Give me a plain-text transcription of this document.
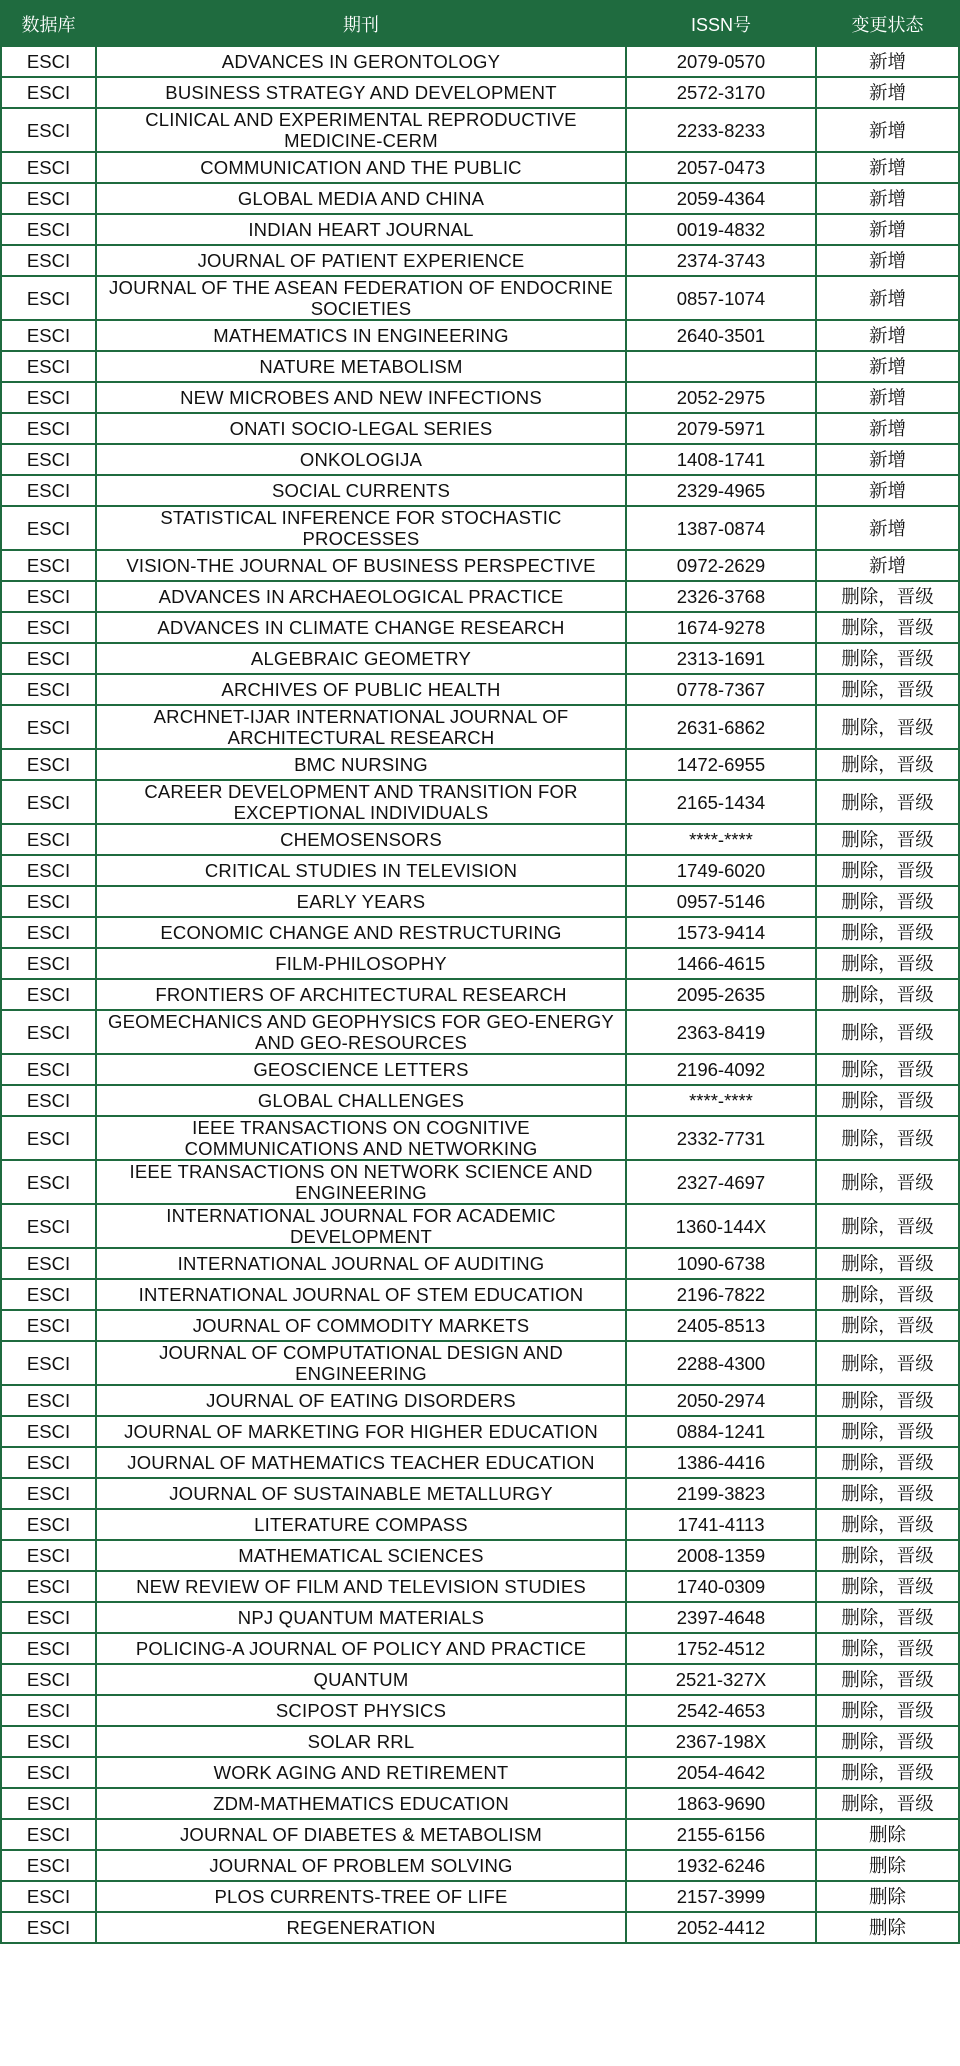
数据库	期刊	ISSN号	变更状态
ESCI	ADVANCES IN GERONTOLOGY	2079-0570	新增
ESCI	BUSINESS STRATEGY AND DEVELOPMENT	2572-3170	新增
ESCI	CLINICAL AND EXPERIMENTAL REPRODUCTIVE MEDICINE-CERM	2233-8233	新增
ESCI	COMMUNICATION AND THE PUBLIC	2057-0473	新增
ESCI	GLOBAL MEDIA AND CHINA	2059-4364	新增
ESCI	INDIAN HEART JOURNAL	0019-4832	新增
ESCI	JOURNAL OF PATIENT EXPERIENCE	2374-3743	新增
ESCI	JOURNAL OF THE ASEAN FEDERATION OF ENDOCRINE SOCIETIES	0857-1074	新增
ESCI	MATHEMATICS IN ENGINEERING	2640-3501	新增
ESCI	NATURE METABOLISM		新增
ESCI	NEW MICROBES AND NEW INFECTIONS	2052-2975	新增
ESCI	ONATI SOCIO-LEGAL SERIES	2079-5971	新增
ESCI	ONKOLOGIJA	1408-1741	新增
ESCI	SOCIAL CURRENTS	2329-4965	新增
ESCI	STATISTICAL INFERENCE FOR STOCHASTIC PROCESSES	1387-0874	新增
ESCI	VISION-THE JOURNAL OF BUSINESS PERSPECTIVE	0972-2629	新增
ESCI	ADVANCES IN ARCHAEOLOGICAL PRACTICE	2326-3768	删除，晋级
ESCI	ADVANCES IN CLIMATE CHANGE RESEARCH	1674-9278	删除，晋级
ESCI	ALGEBRAIC GEOMETRY	2313-1691	删除，晋级
ESCI	ARCHIVES OF PUBLIC HEALTH	0778-7367	删除，晋级
ESCI	ARCHNET-IJAR INTERNATIONAL JOURNAL OF ARCHITECTURAL RESEARCH	2631-6862	删除，晋级
ESCI	BMC NURSING	1472-6955	删除，晋级
ESCI	CAREER DEVELOPMENT AND TRANSITION FOR EXCEPTIONAL INDIVIDUALS	2165-1434	删除，晋级
ESCI	CHEMOSENSORS	****-****	删除，晋级
ESCI	CRITICAL STUDIES IN TELEVISION	1749-6020	删除，晋级
ESCI	EARLY YEARS	0957-5146	删除，晋级
ESCI	ECONOMIC CHANGE AND RESTRUCTURING	1573-9414	删除，晋级
ESCI	FILM-PHILOSOPHY	1466-4615	删除，晋级
ESCI	FRONTIERS OF ARCHITECTURAL RESEARCH	2095-2635	删除，晋级
ESCI	GEOMECHANICS AND GEOPHYSICS FOR GEO-ENERGY AND GEO-RESOURCES	2363-8419	删除，晋级
ESCI	GEOSCIENCE LETTERS	2196-4092	删除，晋级
ESCI	GLOBAL CHALLENGES	****-****	删除，晋级
ESCI	IEEE TRANSACTIONS ON COGNITIVE COMMUNICATIONS AND NETWORKING	2332-7731	删除，晋级
ESCI	IEEE TRANSACTIONS ON NETWORK SCIENCE AND ENGINEERING	2327-4697	删除，晋级
ESCI	INTERNATIONAL JOURNAL FOR ACADEMIC DEVELOPMENT	1360-144X	删除，晋级
ESCI	INTERNATIONAL JOURNAL OF AUDITING	1090-6738	删除，晋级
ESCI	INTERNATIONAL JOURNAL OF STEM EDUCATION	2196-7822	删除，晋级
ESCI	JOURNAL OF COMMODITY MARKETS	2405-8513	删除，晋级
ESCI	JOURNAL OF COMPUTATIONAL DESIGN AND ENGINEERING	2288-4300	删除，晋级
ESCI	JOURNAL OF EATING DISORDERS	2050-2974	删除，晋级
ESCI	JOURNAL OF MARKETING FOR HIGHER EDUCATION	0884-1241	删除，晋级
ESCI	JOURNAL OF MATHEMATICS TEACHER EDUCATION	1386-4416	删除，晋级
ESCI	JOURNAL OF SUSTAINABLE METALLURGY	2199-3823	删除，晋级
ESCI	LITERATURE COMPASS	1741-4113	删除，晋级
ESCI	MATHEMATICAL SCIENCES	2008-1359	删除，晋级
ESCI	NEW REVIEW OF FILM AND TELEVISION STUDIES	1740-0309	删除，晋级
ESCI	NPJ QUANTUM MATERIALS	2397-4648	删除，晋级
ESCI	POLICING-A JOURNAL OF POLICY AND PRACTICE	1752-4512	删除，晋级
ESCI	QUANTUM	2521-327X	删除，晋级
ESCI	SCIPOST PHYSICS	2542-4653	删除，晋级
ESCI	SOLAR RRL	2367-198X	删除，晋级
ESCI	WORK AGING AND RETIREMENT	2054-4642	删除，晋级
ESCI	ZDM-MATHEMATICS EDUCATION	1863-9690	删除，晋级
ESCI	JOURNAL OF DIABETES & METABOLISM	2155-6156	删除
ESCI	JOURNAL OF PROBLEM SOLVING	1932-6246	删除
ESCI	PLOS CURRENTS-TREE OF LIFE	2157-3999	删除
ESCI	REGENERATION	2052-4412	删除
